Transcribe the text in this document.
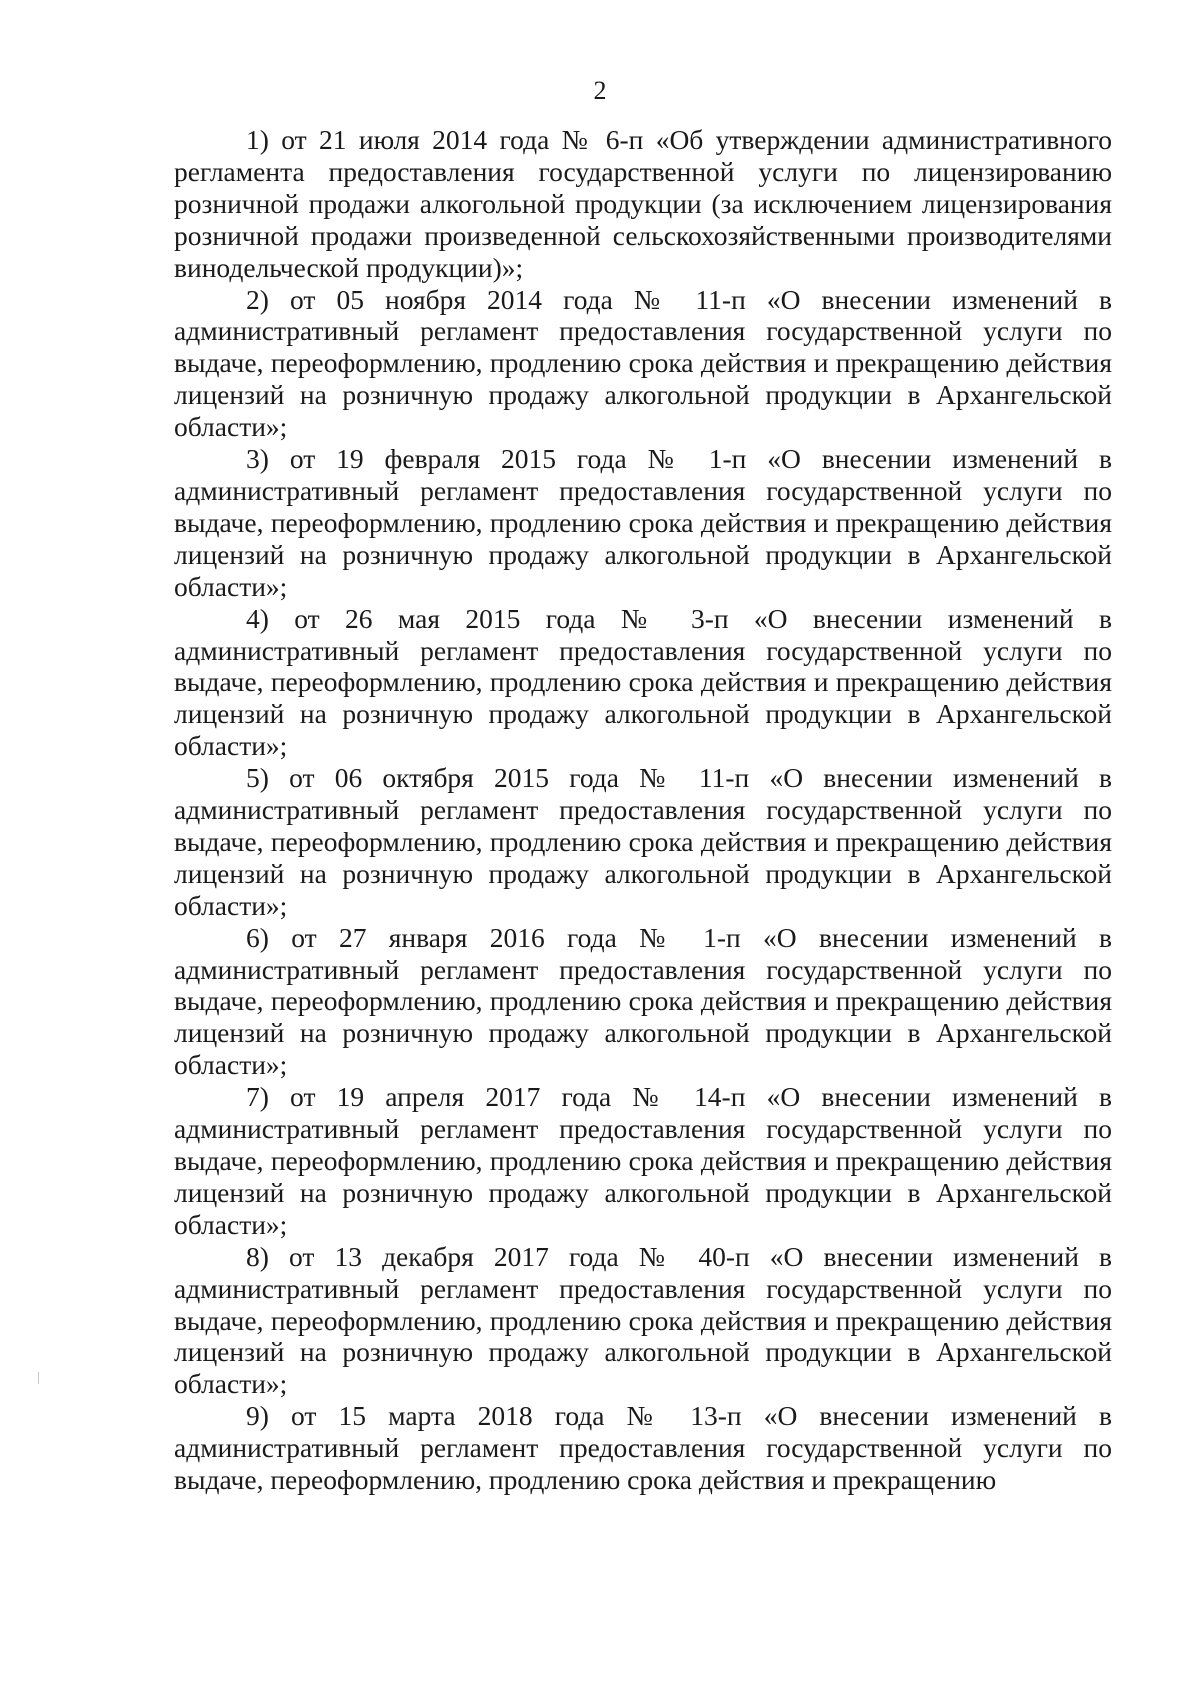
2

1) от 21 июля 2014 года № 6-п «Об утверждении административного регламента предоставления государственной услуги по лицензированию розничной продажи алкогольной продукции (за исключением лицензирования розничной продажи произведенной сельскохозяйственными производителями винодельческой продукции)»;

2) от 05 ноября 2014 года № 11-п «О внесении изменений в административный регламент предоставления государственной услуги по выдаче, переоформлению, продлению срока действия и прекращению действия лицензий на розничную продажу алкогольной продукции в Архангельской области»;

3) от 19 февраля 2015 года № 1-п «О внесении изменений в административный регламент предоставления государственной услуги по выдаче, переоформлению, продлению срока действия и прекращению действия лицензий на розничную продажу алкогольной продукции в Архангельской области»;

4) от 26 мая 2015 года № 3-п «О внесении изменений в административный регламент предоставления государственной услуги по выдаче, переоформлению, продлению срока действия и прекращению действия лицензий на розничную продажу алкогольной продукции в Архангельской области»;

5) от 06 октября 2015 года № 11-п «О внесении изменений в административный регламент предоставления государственной услуги по выдаче, переоформлению, продлению срока действия и прекращению действия лицензий на розничную продажу алкогольной продукции в Архангельской области»;

6) от 27 января 2016 года № 1-п «О внесении изменений в административный регламент предоставления государственной услуги по выдаче, переоформлению, продлению срока действия и прекращению действия лицензий на розничную продажу алкогольной продукции в Архангельской области»;

7) от 19 апреля 2017 года № 14-п «О внесении изменений в административный регламент предоставления государственной услуги по выдаче, переоформлению, продлению срока действия и прекращению действия лицензий на розничную продажу алкогольной продукции в Архангельской области»;

8) от 13 декабря 2017 года № 40-п «О внесении изменений в административный регламент предоставления государственной услуги по выдаче, переоформлению, продлению срока действия и прекращению действия лицензий на розничную продажу алкогольной продукции в Архангельской области»;

9) от 15 марта 2018 года № 13-п «О внесении изменений в административный регламент предоставления государственной услуги по выдаче, переоформлению, продлению срока действия и прекращению
